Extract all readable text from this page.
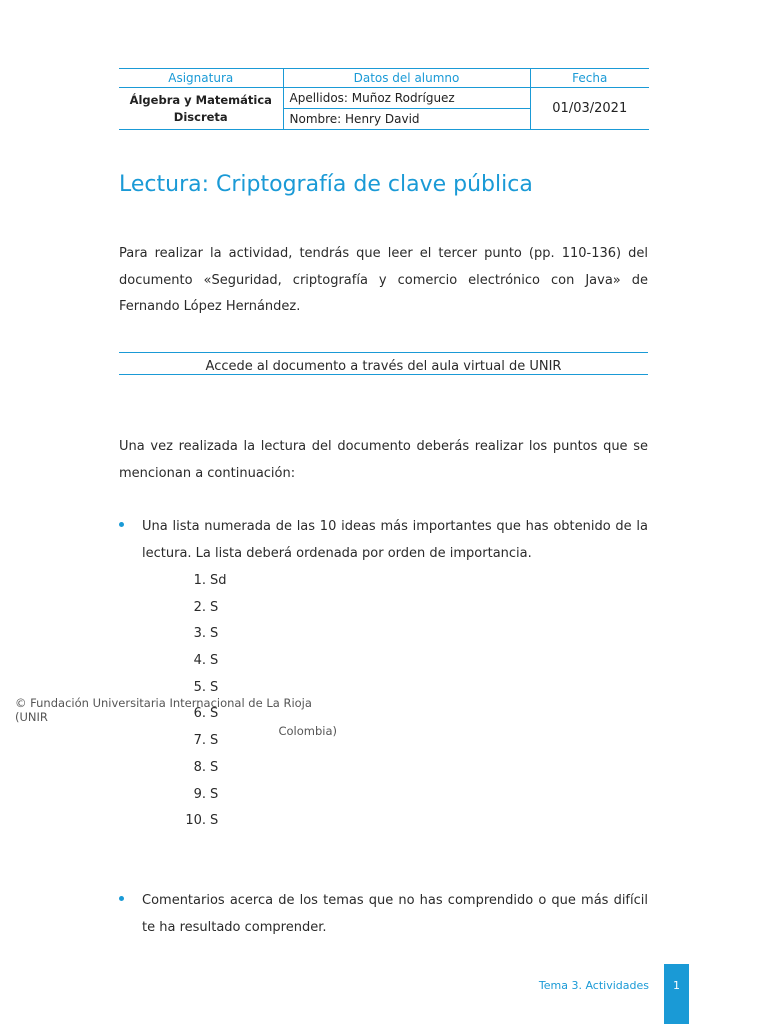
Asignatura	Datos del alumno	Fecha
Álgebra y Matemática Discreta	Apellidos: Muñoz Rodríguez	01/03/2021
	Nombre: Henry David	
Lectura: Criptografía de clave pública

Para realizar la actividad, tendrás que leer el tercer punto (pp. 110-136) del documento «Seguridad, criptografía y comercio electrónico con Java» de Fernando López Hernández.

Accede al documento a través del aula virtual de UNIR

Una vez realizada la lectura del documento deberás realizar los puntos que se mencionan a continuación:

Una lista numerada de las 10 ideas más importantes que has obtenido de la lectura. La lista deberá ordenada por orden de importancia.

1. Sd
2. S
3. S
4. S
5. S
6. S
7. S
8. S
9. S
10. S
© Fundación Universitaria Internacional de La Rioja (UNIR
Colombia)

Comentarios acerca de los temas que no has comprendido o que más difícil te ha resultado comprender.

Tema 3. Actividades	1
